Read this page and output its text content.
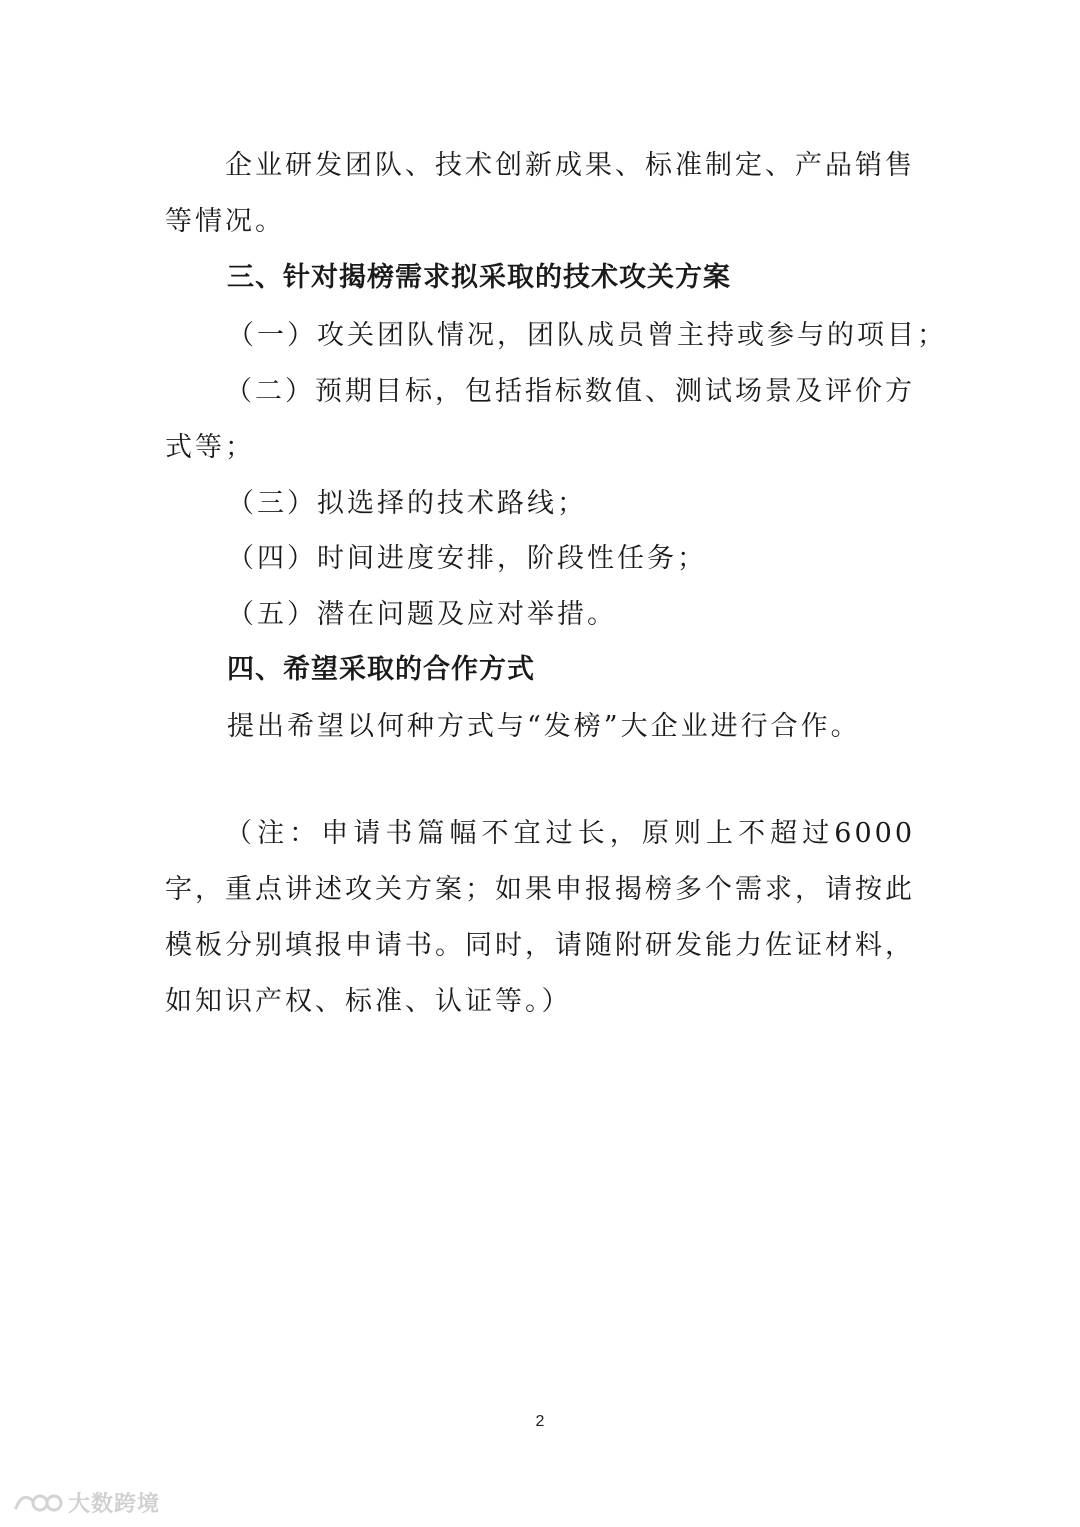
企业研发团队、技术创新成果、标准制定、产品销售等情况。

三、针对揭榜需求拟采取的技术攻关方案

（一）攻关团队情况，团队成员曾主持或参与的项目；

（二）预期目标，包括指标数值、测试场景及评价方式等；

（三）拟选择的技术路线；

（四）时间进度安排，阶段性任务；

（五）潜在问题及应对举措。

四、希望采取的合作方式

提出希望以何种方式与“发榜”大企业进行合作。

（注：申请书篇幅不宜过长，原则上不超过6000字，重点讲述攻关方案；如果申报揭榜多个需求，请按此模板分别填报申请书。同时，请随附研发能力佐证材料，如知识产权、标准、认证等。）

2
大数跨境
